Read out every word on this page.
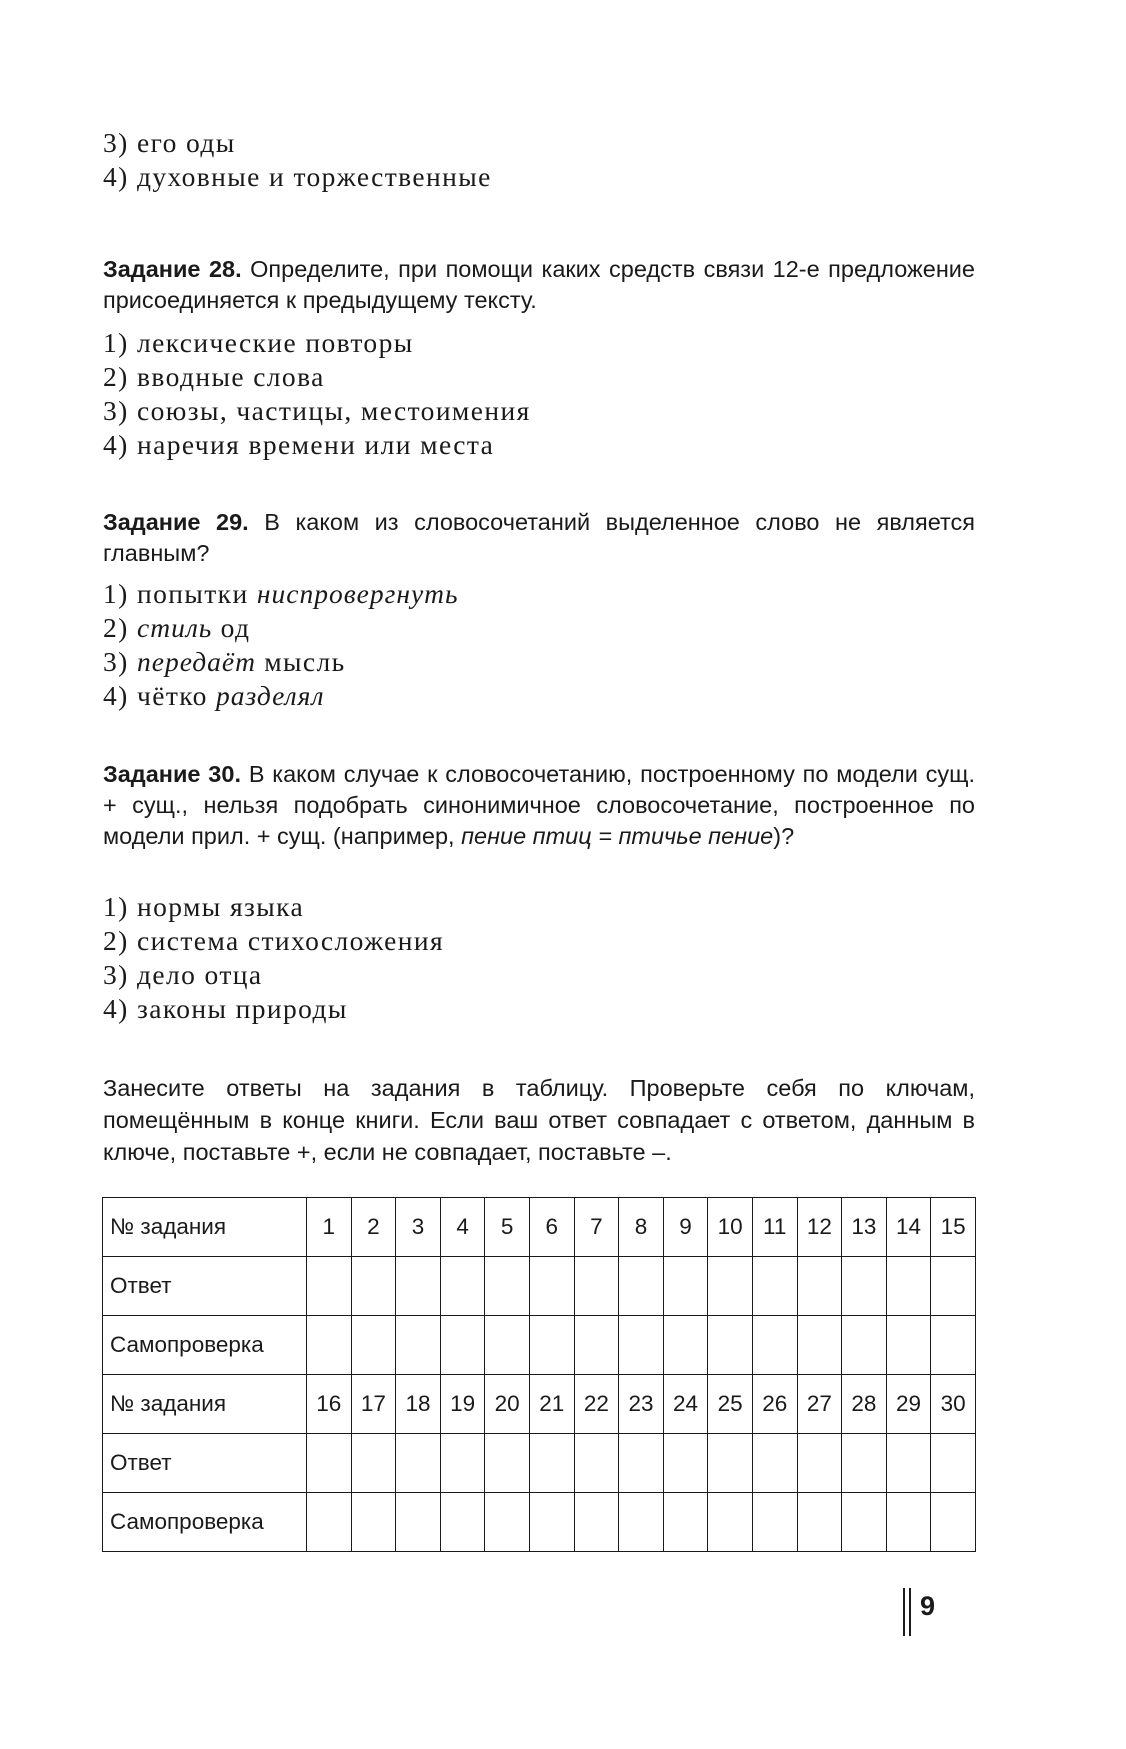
3) его оды
4) духовные и торжественные

Задание 28. Определите, при помощи каких средств связи 12-е предложение присоединяется к предыдущему тексту.

1) лексические повторы
2) вводные слова
3) союзы, частицы, местоимения
4) наречия времени или места

Задание 29. В каком из словосочетаний выделенное слово не является главным?

1) попытки ниспровергнуть
2) стиль од
3) передаёт мысль
4) чётко разделял

Задание 30. В каком случае к словосочетанию, построенному по модели сущ. + сущ., нельзя подобрать синонимичное словосочетание, построенное по модели прил. + сущ. (например, пение птиц = птичье пение)?

1) нормы языка
2) система стихосложения
3) дело отца
4) законы природы

Занесите ответы на задания в таблицу. Проверьте себя по ключам, помещённым в конце книги. Если ваш ответ совпадает с ответом, данным в ключе, поставьте +, если не совпадает, поставьте –.

№ задания	1	2	3	4	5	6	7	8	9	10	11	12	13	14	15
Ответ															
Самопроверка															
№ задания	16	17	18	19	20	21	22	23	24	25	26	27	28	29	30
Ответ															
Самопроверка															
9
